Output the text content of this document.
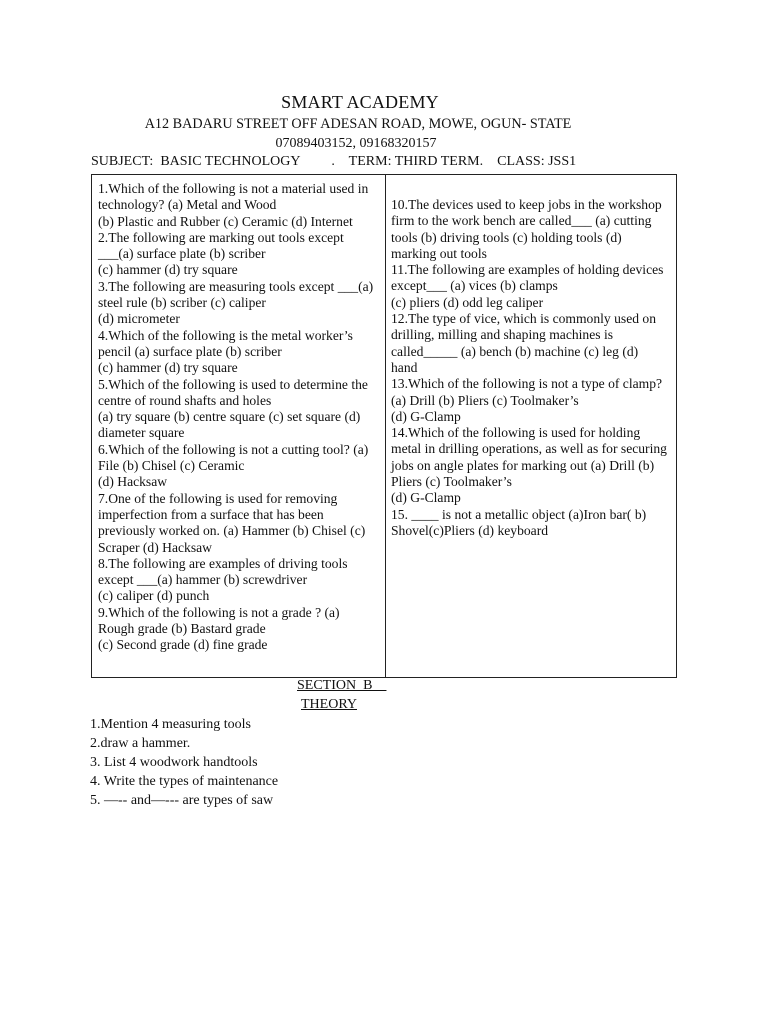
SMART ACADEMY
A12 BADARU STREET OFF ADESAN ROAD, MOWE, OGUN- STATE
07089403152, 09168320157
SUBJECT:  BASIC TECHNOLOGY         .    TERM: THIRD TERM.    CLASS: JSS1
1.Which of the following is not a material used in
technology? (a) Metal and Wood
(b) Plastic and Rubber (c) Ceramic (d) Internet
2.The following are marking out tools except
___(a) surface plate (b) scriber
(c) hammer (d) try square
3.The following are measuring tools except ___(a)
steel rule (b) scriber (c) caliper
(d) micrometer
4.Which of the following is the metal worker’s
pencil (a) surface plate (b) scriber
(c) hammer (d) try square
5.Which of the following is used to determine the
centre of round shafts and holes
(a) try square (b) centre square (c) set square (d)
diameter square
6.Which of the following is not a cutting tool? (a)
File (b) Chisel (c) Ceramic
(d) Hacksaw
7.One of the following is used for removing
imperfection from a surface that has been
previously worked on. (a) Hammer (b) Chisel (c)
Scraper (d) Hacksaw
8.The following are examples of driving tools
except ___(a) hammer (b) screwdriver
(c) caliper (d) punch
9.Which of the following is not a grade ? (a)
Rough grade (b) Bastard grade
(c) Second grade (d) fine grade
10.The devices used to keep jobs in the workshop
firm to the work bench are called___ (a) cutting
tools (b) driving tools (c) holding tools (d)
marking out tools
11.The following are examples of holding devices
except___ (a) vices (b) clamps
(c) pliers (d) odd leg caliper
12.The type of vice, which is commonly used on
drilling, milling and shaping machines is
called_____ (a) bench (b) machine (c) leg (d)
hand
13.Which of the following is not a type of clamp?
(a) Drill (b) Pliers (c) Toolmaker’s
(d) G-Clamp
14.Which of the following is used for holding
metal in drilling operations, as well as for securing
jobs on angle plates for marking out (a) Drill (b)
Pliers (c) Toolmaker’s
(d) G-Clamp
15. ____ is not a metallic object (a)Iron bar( b)
Shovel(c)Pliers (d) keyboard
SECTION  B
THEORY
1.Mention 4 measuring tools
2.draw a hammer.
3. List 4 woodwork handtools
4. Write the types of maintenance
5. —-- and—--- are types of saw
